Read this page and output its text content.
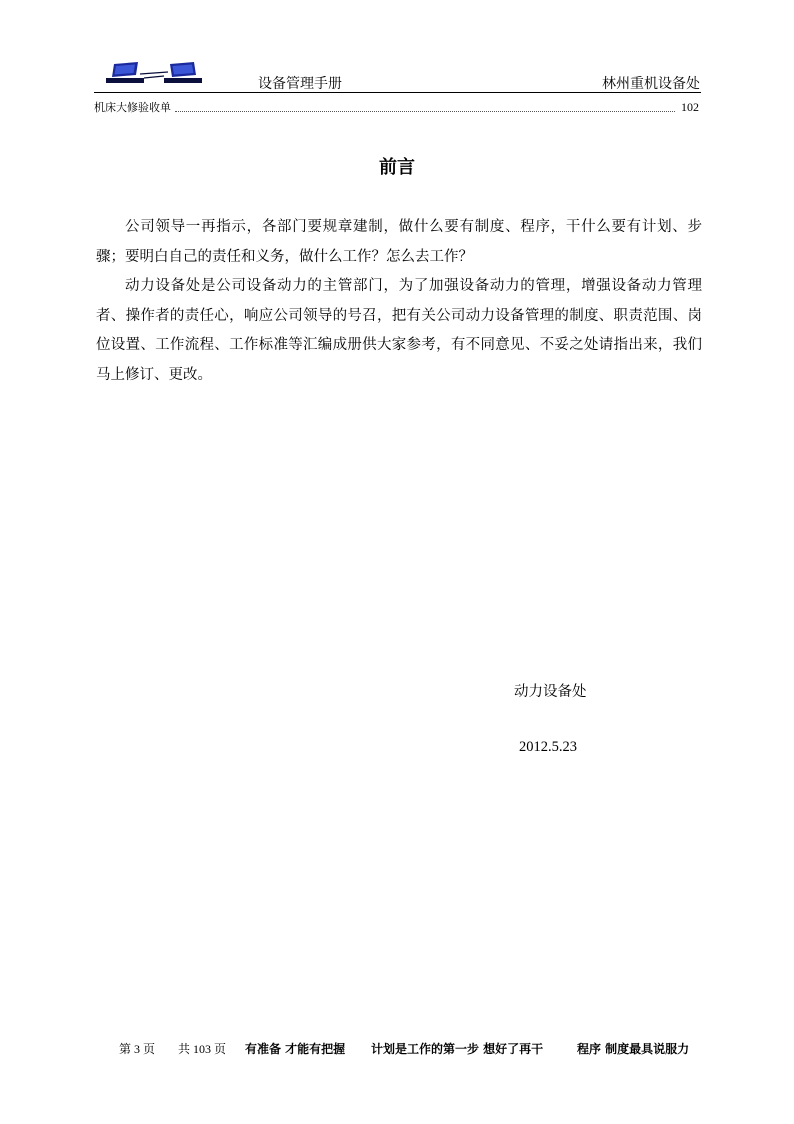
设备管理手册	林州重机设备处
机床大修验收单	102
前言

公司领导一再指示，各部门要规章建制，做什么要有制度、程序，干什么要有计划、步骤；要明白自己的责任和义务，做什么工作？怎么去工作？

动力设备处是公司设备动力的主管部门，为了加强设备动力的管理，增强设备动力管理者、操作者的责任心，响应公司领导的号召，把有关公司动力设备管理的制度、职责范围、岗位设置、工作流程、工作标准等汇编成册供大家参考，有不同意见、不妥之处请指出来，我们马上修订、更改。

动力设备处
2012.5.23

第 3 页

共 103 页

有准备 才能有把握

计划是工作的第一步 想好了再干

	程序 制度最具说服力
